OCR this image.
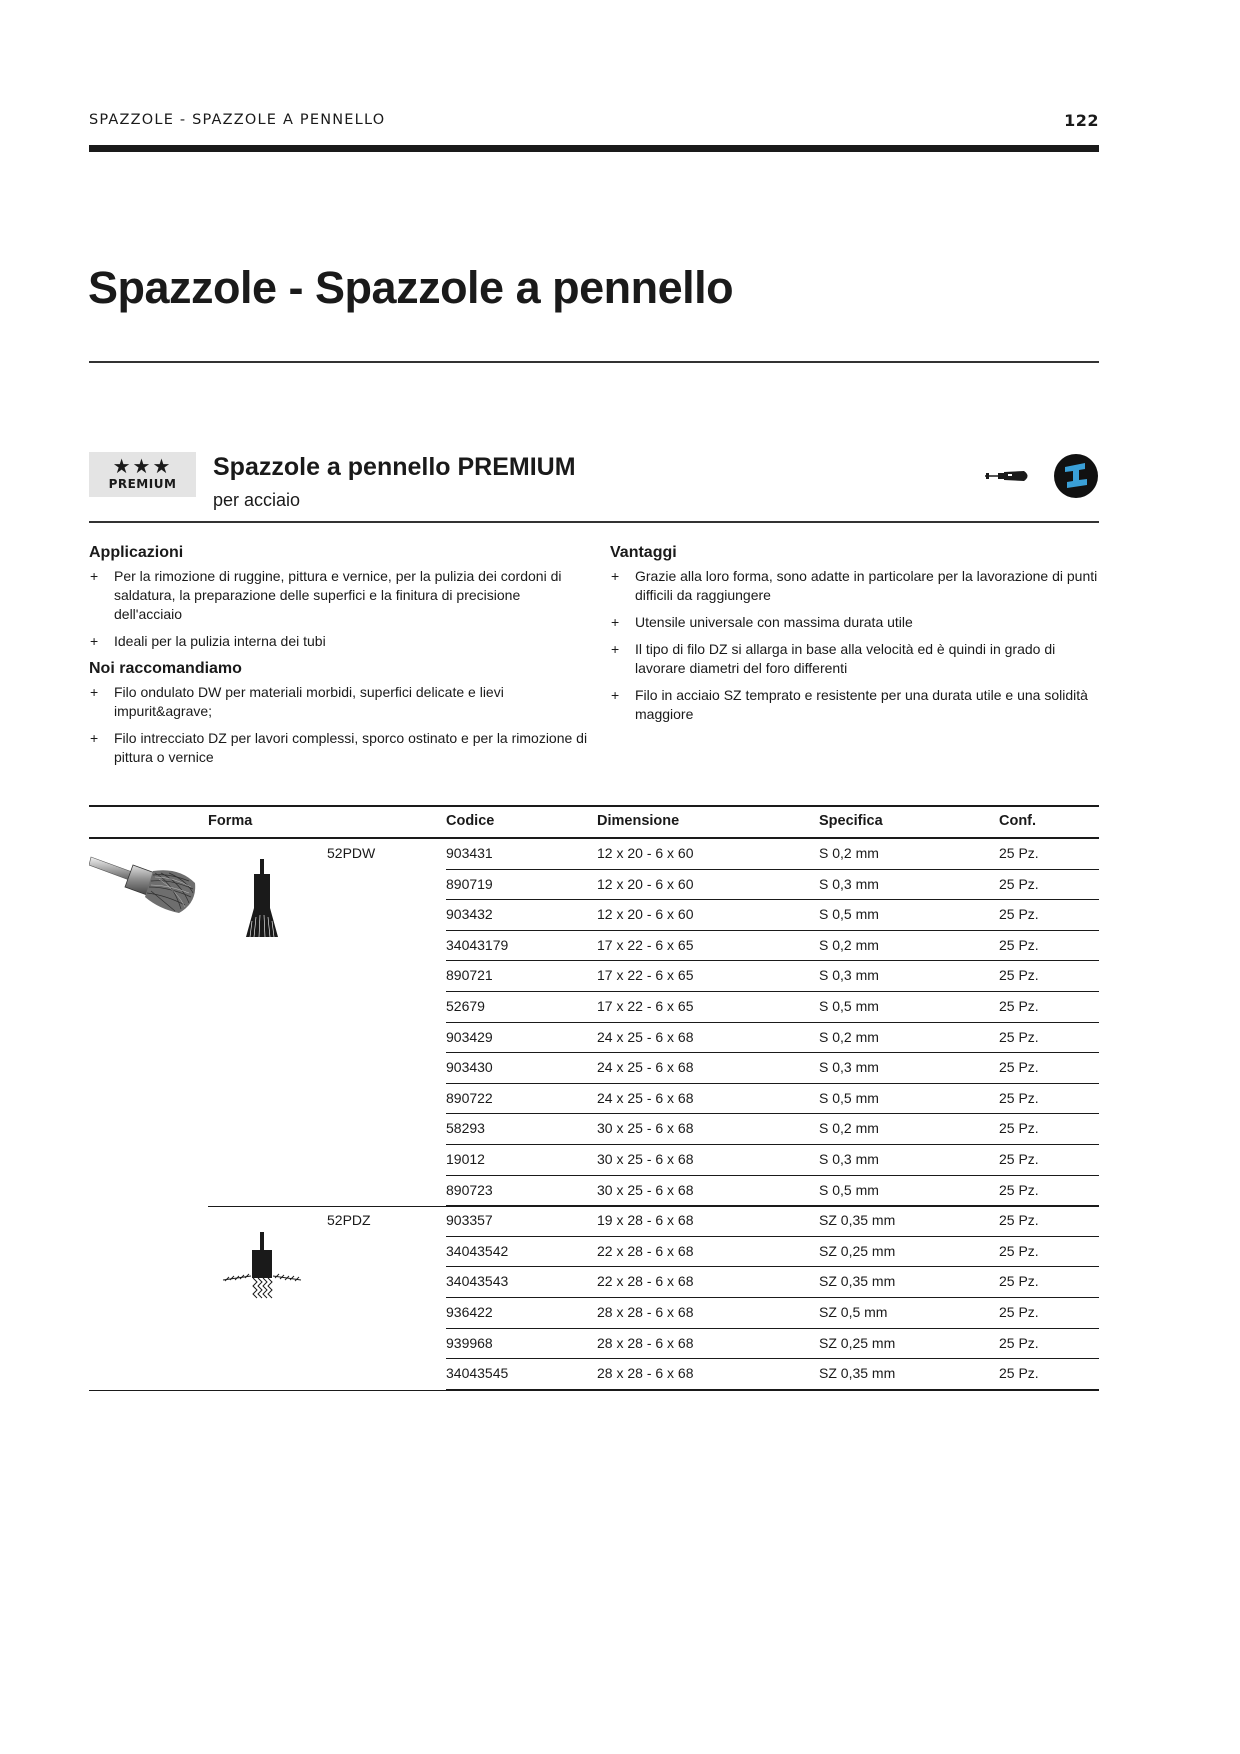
SPAZZOLE - SPAZZOLE A PENNELLO	122
Spazzole - Spazzole a pennello
★★★
PREMIUM
Spazzole a pennello PREMIUM
per acciaio
Applicazioni
+ Per la rimozione di ruggine, pittura e vernice, per la pulizia dei cordoni di saldatura, la preparazione delle superfici e la finitura di precisione dell'acciaio
+ Ideali per la pulizia interna dei tubi
Noi raccomandiamo
+ Filo ondulato DW per materiali morbidi, superfici delicate e lievi impurit&agrave;
+ Filo intrecciato DZ per lavori complessi, sporco ostinato e per la rimozione di pittura o vernice
Vantaggi
+ Grazie alla loro forma, sono adatte in particolare per la lavorazione di punti difficili da raggiungere
+ Utensile universale con massima durata utile
+ Il tipo di filo DZ si allarga in base alla velocità ed è quindi in grado di lavorare diametri del foro differenti
+ Filo in acciaio SZ temprato e resistente per una durata utile e una solidità maggiore
Forma	Codice	Dimensione	Specifica	Conf.
52PDW	903431	12 x 20 - 6 x 60	S 0,2 mm	25 Pz.
890719	12 x 20 - 6 x 60	S 0,3 mm	25 Pz.
903432	12 x 20 - 6 x 60	S 0,5 mm	25 Pz.
34043179	17 x 22 - 6 x 65	S 0,2 mm	25 Pz.
890721	17 x 22 - 6 x 65	S 0,3 mm	25 Pz.
52679	17 x 22 - 6 x 65	S 0,5 mm	25 Pz.
903429	24 x 25 - 6 x 68	S 0,2 mm	25 Pz.
903430	24 x 25 - 6 x 68	S 0,3 mm	25 Pz.
890722	24 x 25 - 6 x 68	S 0,5 mm	25 Pz.
58293	30 x 25 - 6 x 68	S 0,2 mm	25 Pz.
19012	30 x 25 - 6 x 68	S 0,3 mm	25 Pz.
890723	30 x 25 - 6 x 68	S 0,5 mm	25 Pz.
52PDZ	903357	19 x 28 - 6 x 68	SZ 0,35 mm	25 Pz.
34043542	22 x 28 - 6 x 68	SZ 0,25 mm	25 Pz.
34043543	22 x 28 - 6 x 68	SZ 0,35 mm	25 Pz.
936422	28 x 28 - 6 x 68	SZ 0,5 mm	25 Pz.
939968	28 x 28 - 6 x 68	SZ 0,25 mm	25 Pz.
34043545	28 x 28 - 6 x 68	SZ 0,35 mm	25 Pz.
